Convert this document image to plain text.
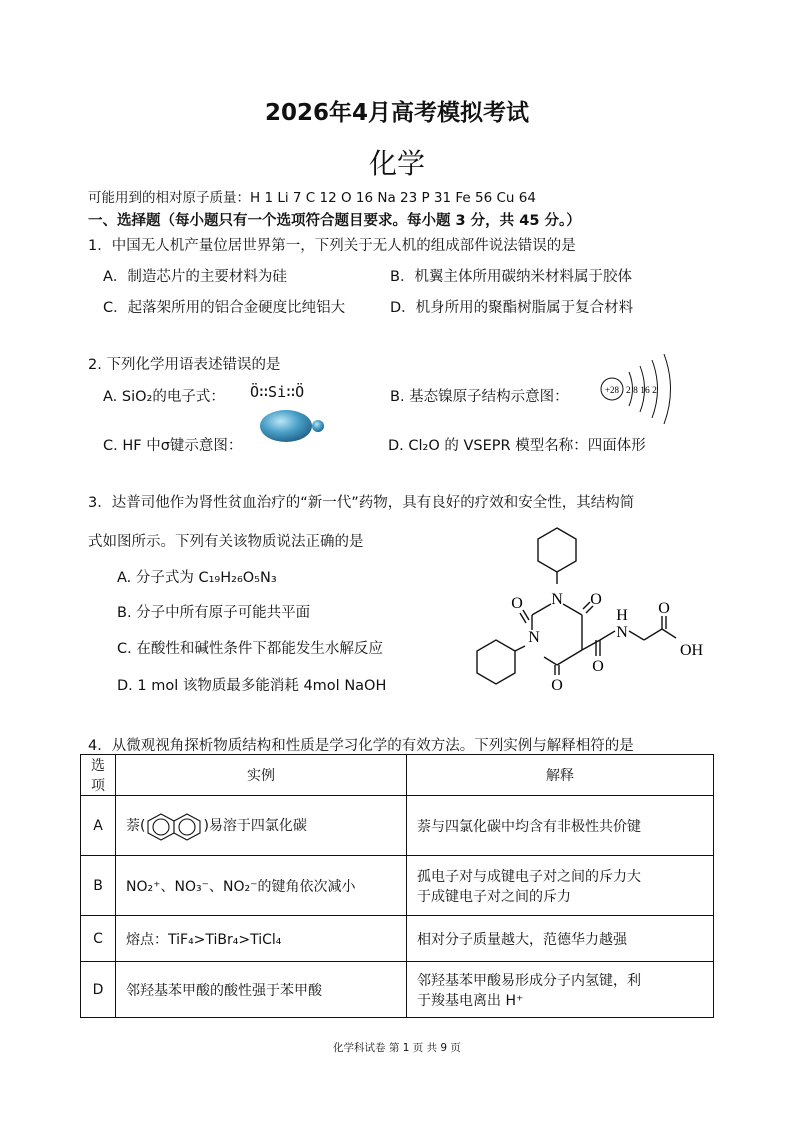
2026年4月高考模拟考试
化学
可能用到的相对原子质量：H 1 Li 7 C 12 O 16 Na 23 P 31 Fe 56 Cu 64
一、选择题（每小题只有一个选项符合题目要求。每小题 3 分，共 45 分。）
1．中国无人机产量位居世界第一，下列关于无人机的组成部件说法错误的是
A．制造芯片的主要材料为硅	B．机翼主体所用碳纳米材料属于胶体
C．起落架所用的铝合金硬度比纯铝大	D．机身所用的聚酯树脂属于复合材料
2. 下列化学用语表述错误的是
A. SiO₂的电子式： Ö∷Si∷Ö	B. 基态镍原子结构示意图：	+28 2 8 16 2
C. HF 中σ键示意图：	D. Cl₂O 的 VSEPR 模型名称：四面体形
3．达普司他作为肾性贫血治疗的“新一代”药物，具有良好的疗效和安全性，其结构简
式如图所示。下列有关该物质说法正确的是
A. 分子式为 C₁₉H₂₆O₅N₃
B. 分子中所有原子可能共平面
C. 在酸性和碱性条件下都能发生水解反应
D. 1 mol 该物质最多能消耗 4mol NaOH
N O
O
N
O
O
N
H O
OH
4．从微观视角探析物质结构和性质是学习化学的有效方法。下列实例与解释相符的是
选项	实例	解释
A	萘( )易溶于四氯化碳	萘与四氯化碳中均含有非极性共价键
B	NO₂⁺、NO₃⁻、NO₂⁻的键角依次减小	孤电子对与成键电子对之间的斥力大
于成键电子对之间的斥力

C	熔点：TiF₄>TiBr₄>TiCl₄	相对分子质量越大，范德华力越强
D	邻羟基苯甲酸的酸性强于苯甲酸	邻羟基苯甲酸易形成分子内氢键，利
于羧基电离出 H⁺
化学科试卷 第 1 页 共 9 页
